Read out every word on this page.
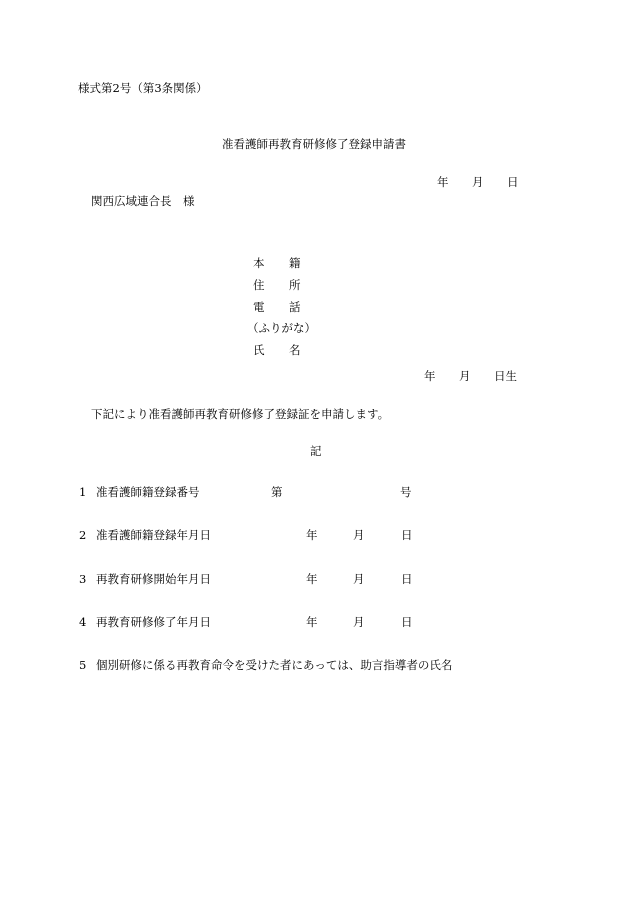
様式第2号（第3条関係）
准看護師再教育研修修了登録申請書
年 月 日
関西広域連合長　様
本 籍
住 所
電 話
（ふりがな）
氏 名
年 月 日生
下記により准看護師再教育研修修了登録証を申請します。
記
1 准看護師籍登録番号	第	号
2 准看護師籍登録年月日	年	月	日
3 再教育研修開始年月日	年	月	日
4 再教育研修修了年月日	年	月	日
5 個別研修に係る再教育命令を受けた者にあっては、助言指導者の氏名
